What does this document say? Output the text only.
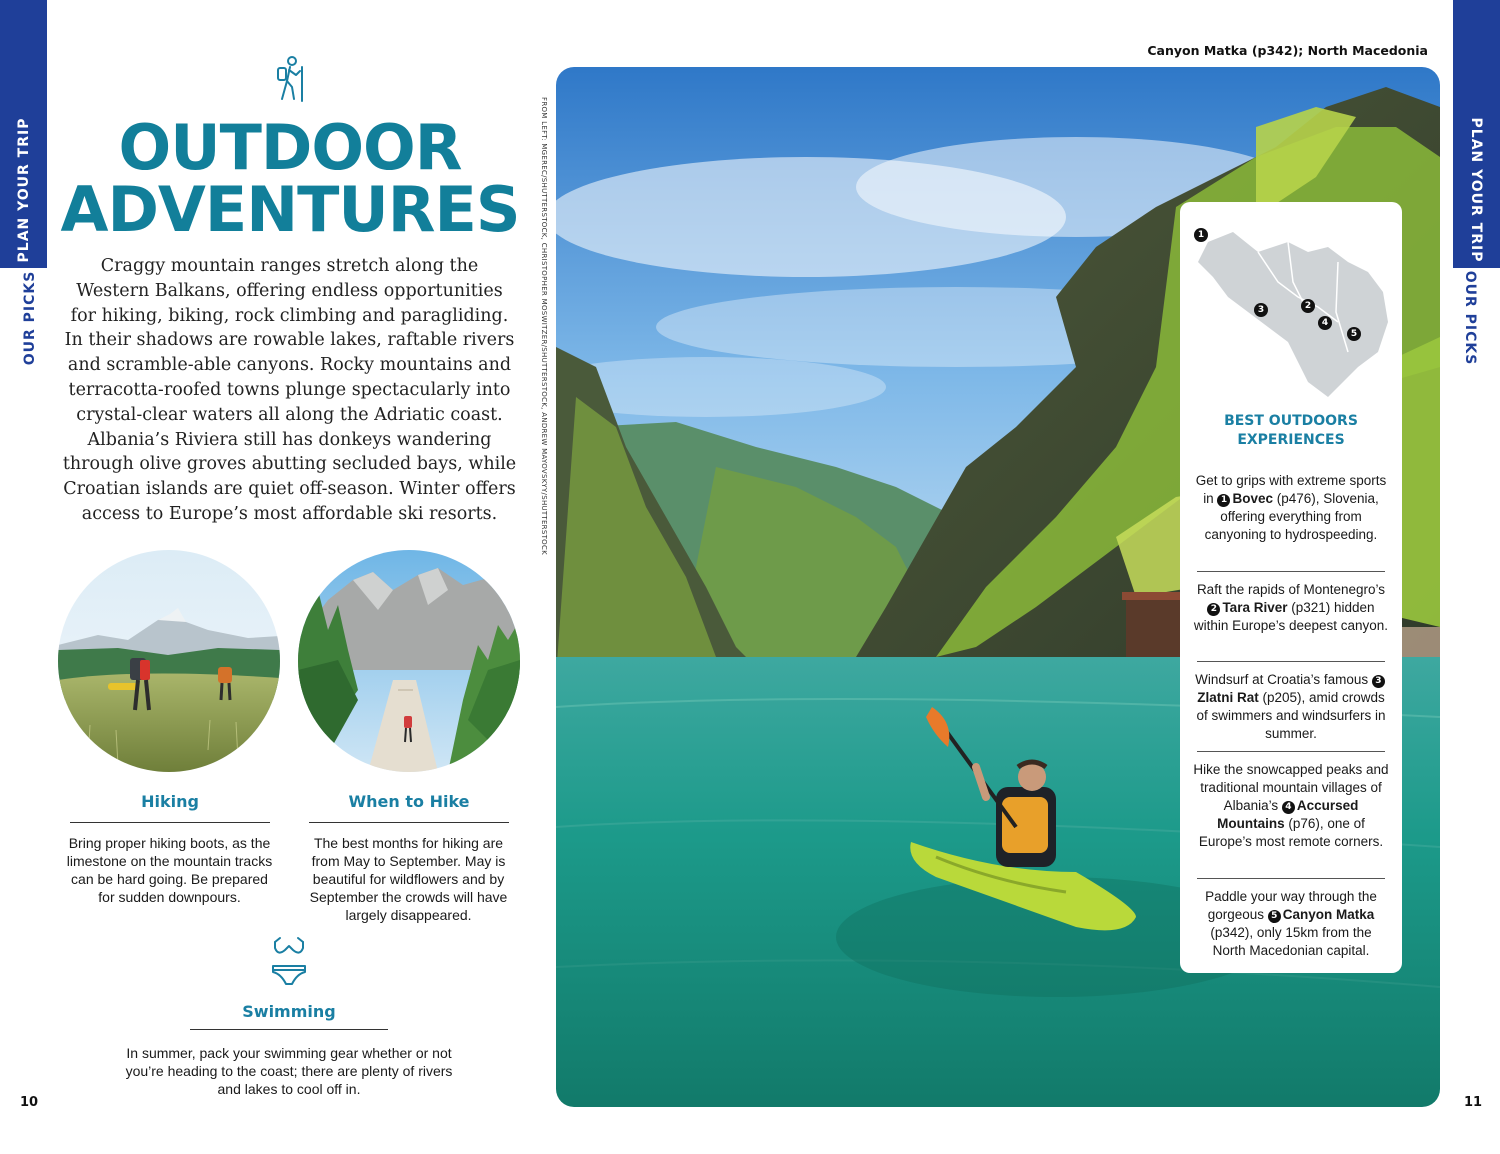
PLAN YOUR TRIP
OUR PICKS
PLAN YOUR TRIP
OUR PICKS
10	11
OUTDOOR
ADVENTURES
Craggy mountain ranges stretch along the Western Balkans, offering endless opportunities for hiking, biking, rock climbing and paragliding. In their shadows are rowable lakes, raftable rivers and scramble-able canyons. Rocky mountains and terracotta-roofed towns plunge spectacularly into crystal-clear waters all along the Adriatic coast. Albania’s Riviera still has donkeys wandering through olive groves abutting secluded bays, while Croatian islands are quiet off-season. Winter offers access to Europe’s most affordable ski resorts.
Hiking
Bring proper hiking boots, as the limestone on the mountain tracks can be hard going. Be prepared for sudden downpours.
When to Hike
The best months for hiking are from May to September. May is beautiful for wildflowers and by September the crowds will have largely disappeared.
Swimming
In summer, pack your swimming gear whether or not you’re heading to the coast; there are plenty of rivers and lakes to cool off in.
FROM LEFT: MGEREC/SHUTTERSTOCK, CHRISTOPHER MOSWITZER/SHUTTERSTOCK, ANDREW MAYOVSKYY/SHUTTERSTOCK
Canyon Matka (p342); North Macedonia
1
2
3
4
5
BEST OUTDOORS EXPERIENCES
Get to grips with extreme sports in 1 Bovec (p476), Slovenia, offering everything from canyoning to hydrospeeding.
Raft the rapids of Montenegro’s 2 Tara River (p321) hidden within Europe’s deepest canyon.
Windsurf at Croatia’s famous 3Zlatni Rat (p205), amid crowds of swimmers and windsurfers in summer.
Hike the snowcapped peaks and traditional mountain villages of Albania’s 4 Accursed Mountains (p76), one of Europe’s most remote corners.
Paddle your way through the gorgeous 5 Canyon Matka (p342), only 15km from the North Macedonian capital.
